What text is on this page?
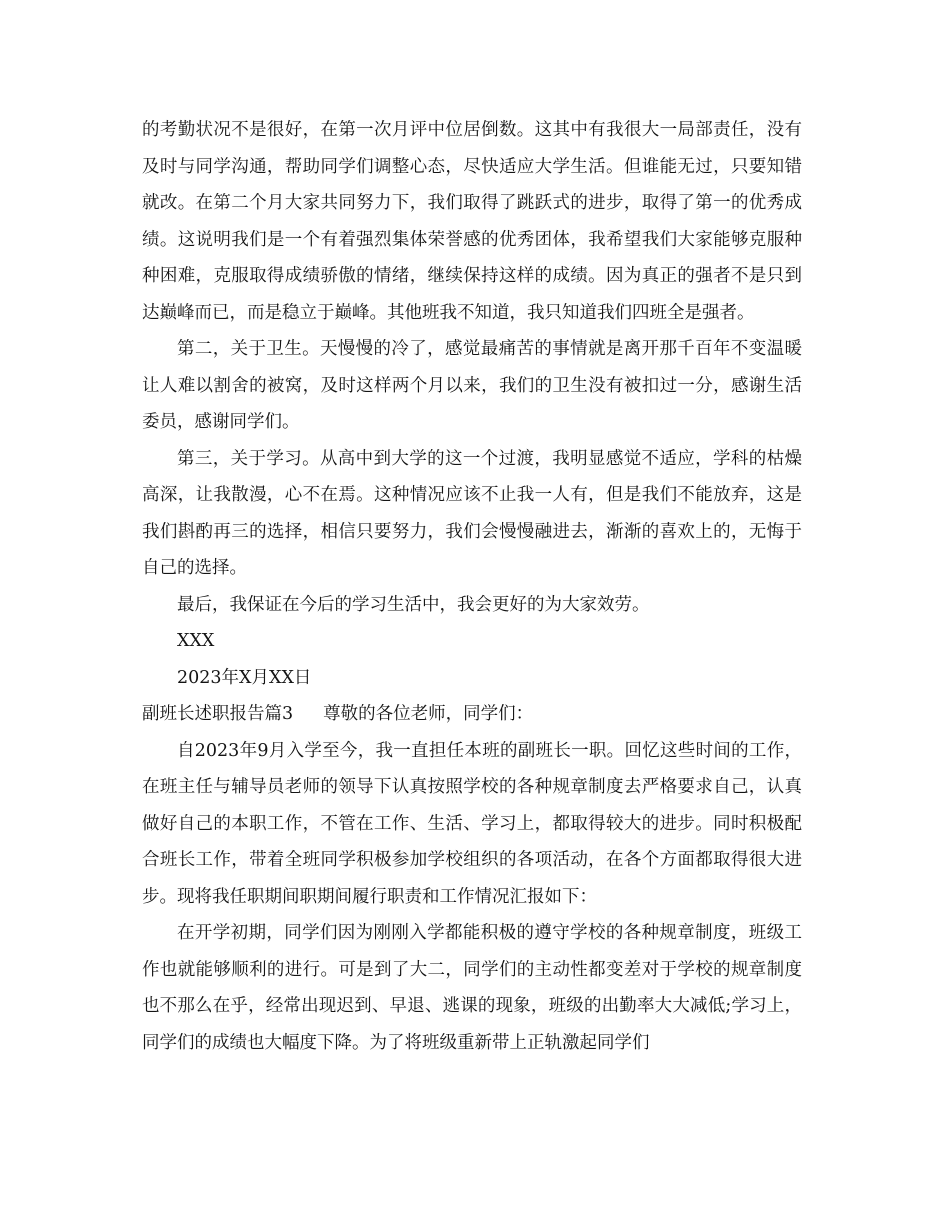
的考勤状况不是很好，在第一次月评中位居倒数。这其中有我很大一局部责任，没有及时与同学沟通，帮助同学们调整心态，尽快适应大学生活。但谁能无过，只要知错就改。在第二个月大家共同努力下，我们取得了跳跃式的进步，取得了第一的优秀成绩。这说明我们是一个有着强烈集体荣誉感的优秀团体，我希望我们大家能够克服种种困难，克服取得成绩骄傲的情绪，继续保持这样的成绩。因为真正的强者不是只到达巅峰而已，而是稳立于巅峰。其他班我不知道，我只知道我们四班全是强者。

第二，关于卫生。天慢慢的冷了，感觉最痛苦的事情就是离开那千百年不变温暖让人难以割舍的被窝，及时这样两个月以来，我们的卫生没有被扣过一分，感谢生活委员，感谢同学们。

第三，关于学习。从高中到大学的这一个过渡，我明显感觉不适应，学科的枯燥高深，让我散漫，心不在焉。这种情况应该不止我一人有，但是我们不能放弃，这是我们斟酌再三的选择，相信只要努力，我们会慢慢融进去，渐渐的喜欢上的，无悔于自己的选择。

最后，我保证在今后的学习生活中，我会更好的为大家效劳。

XXX

2023年X月XX日

副班长述职报告篇3 尊敬的各位老师，同学们：

自2023年9月入学至今，我一直担任本班的副班长一职。回忆这些时间的工作，在班主任与辅导员老师的领导下认真按照学校的各种规章制度去严格要求自己，认真做好自己的本职工作，不管在工作、生活、学习上，都取得较大的进步。同时积极配合班长工作，带着全班同学积极参加学校组织的各项活动，在各个方面都取得很大进步。现将我任职期间职期间履行职责和工作情况汇报如下：

在开学初期，同学们因为刚刚入学都能积极的遵守学校的各种规章制度，班级工作也就能够顺利的进行。可是到了大二，同学们的主动性都变差对于学校的规章制度也不那么在乎，经常出现迟到、早退、逃课的现象，班级的出勤率大大减低;学习上，同学们的成绩也大幅度下降。为了将班级重新带上正轨激起同学们
